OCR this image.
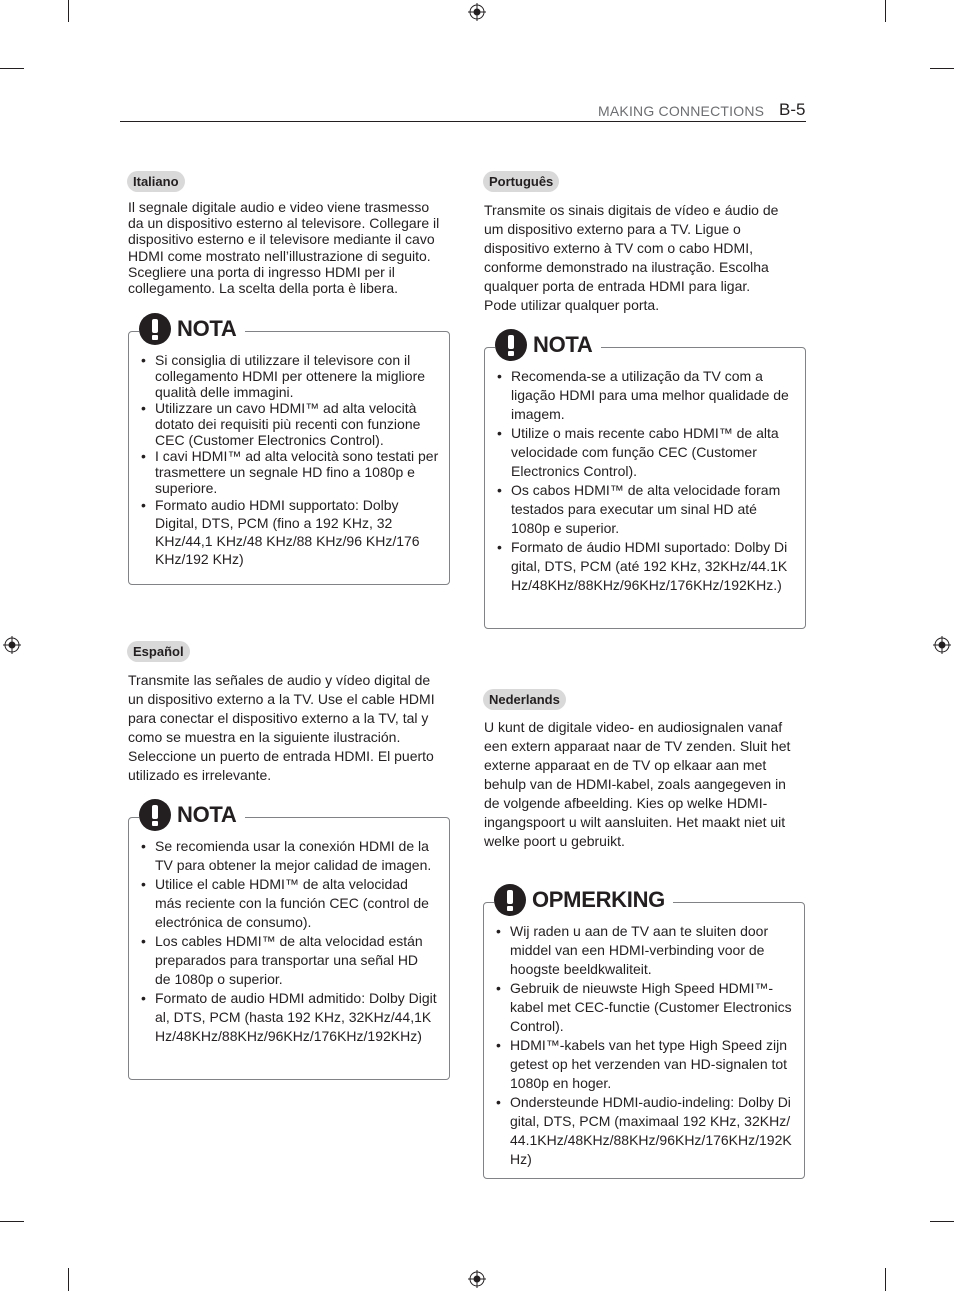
MAKING CONNECTIONS B-5
Italiano

Il segnale digitale audio e video viene trasmesso da un dispositivo esterno al televisore. Collegare il dispositivo esterno e il televisore mediante il cavo HDMI come mostrato nell’illustrazione di seguito. Scegliere una porta di ingresso HDMI per il collegamento. La scelta della porta è libera.

NOTA
• Si consiglia di utilizzare il televisore con il collegamento HDMI per ottenere la migliore qualità delle immagini.
• Utilizzare un cavo HDMI™ ad alta velocità dotato dei requisiti più recenti con funzione CEC (Customer Electronics Control).
• I cavi HDMI™ ad alta velocità sono testati per trasmettere un segnale HD fino a 1080p e superiore.
• Formato audio HDMI supportato: Dolby Digital, DTS, PCM (fino a 192 KHz, 32 KHz/44,1 KHz/48 KHz/88 KHz/96 KHz/176 KHz/192 KHz)
Português

Transmite os sinais digitais de vídeo e áudio de um dispositivo externo para a TV. Ligue o dispositivo externo à TV com o cabo HDMI, conforme demonstrado na ilustração. Escolha qualquer porta de entrada HDMI para ligar. Pode utilizar qualquer porta.

NOTA
• Recomenda-se a utilização da TV com a ligação HDMI para uma melhor qualidade de imagem.
• Utilize o mais recente cabo HDMI™ de alta velocidade com função CEC (Customer Electronics Control).
• Os cabos HDMI™ de alta velocidade foram testados para executar um sinal HD até 1080p e superior.
• Formato de áudio HDMI suportado: Dolby Digital, DTS, PCM (até 192 KHz, 32KHz/44.1KHz/48KHz/88KHz/96KHz/176KHz/192KHz.)
Español

Transmite las señales de audio y vídeo digital de un dispositivo externo a la TV. Use el cable HDMI para conectar el dispositivo externo a la TV, tal y como se muestra en la siguiente ilustración. Seleccione un puerto de entrada HDMI. El puerto utilizado es irrelevante.

NOTA
• Se recomienda usar la conexión HDMI de la TV para obtener la mejor calidad de imagen.
• Utilice el cable HDMI™ de alta velocidad más reciente con la función CEC (control de electrónica de consumo).
• Los cables HDMI™ de alta velocidad están preparados para transportar una señal HD de 1080p o superior.
• Formato de audio HDMI admitido: Dolby Digital, DTS, PCM (hasta 192 KHz, 32KHz/44,1KHz/48KHz/88KHz/96KHz/176KHz/192KHz)
Nederlands

U kunt de digitale video- en audiosignalen vanaf een extern apparaat naar de TV zenden. Sluit het externe apparaat en de TV op elkaar aan met behulp van de HDMI-kabel, zoals aangegeven in de volgende afbeelding. Kies op welke HDMI-ingangspoort u wilt aansluiten. Het maakt niet uit welke poort u gebruikt.

OPMERKING
• Wij raden u aan de TV aan te sluiten door middel van een HDMI-verbinding voor de hoogste beeldkwaliteit.
• Gebruik de nieuwste High Speed HDMI™-kabel met CEC-functie (Customer Electronics Control).
• HDMI™-kabels van het type High Speed zijn getest op het verzenden van HD-signalen tot 1080p en hoger.
• Ondersteunde HDMI-audio-indeling: Dolby Digital, DTS, PCM (maximaal 192 KHz, 32KHz/44.1KHz/48KHz/88KHz/96KHz/176KHz/192KHz)
